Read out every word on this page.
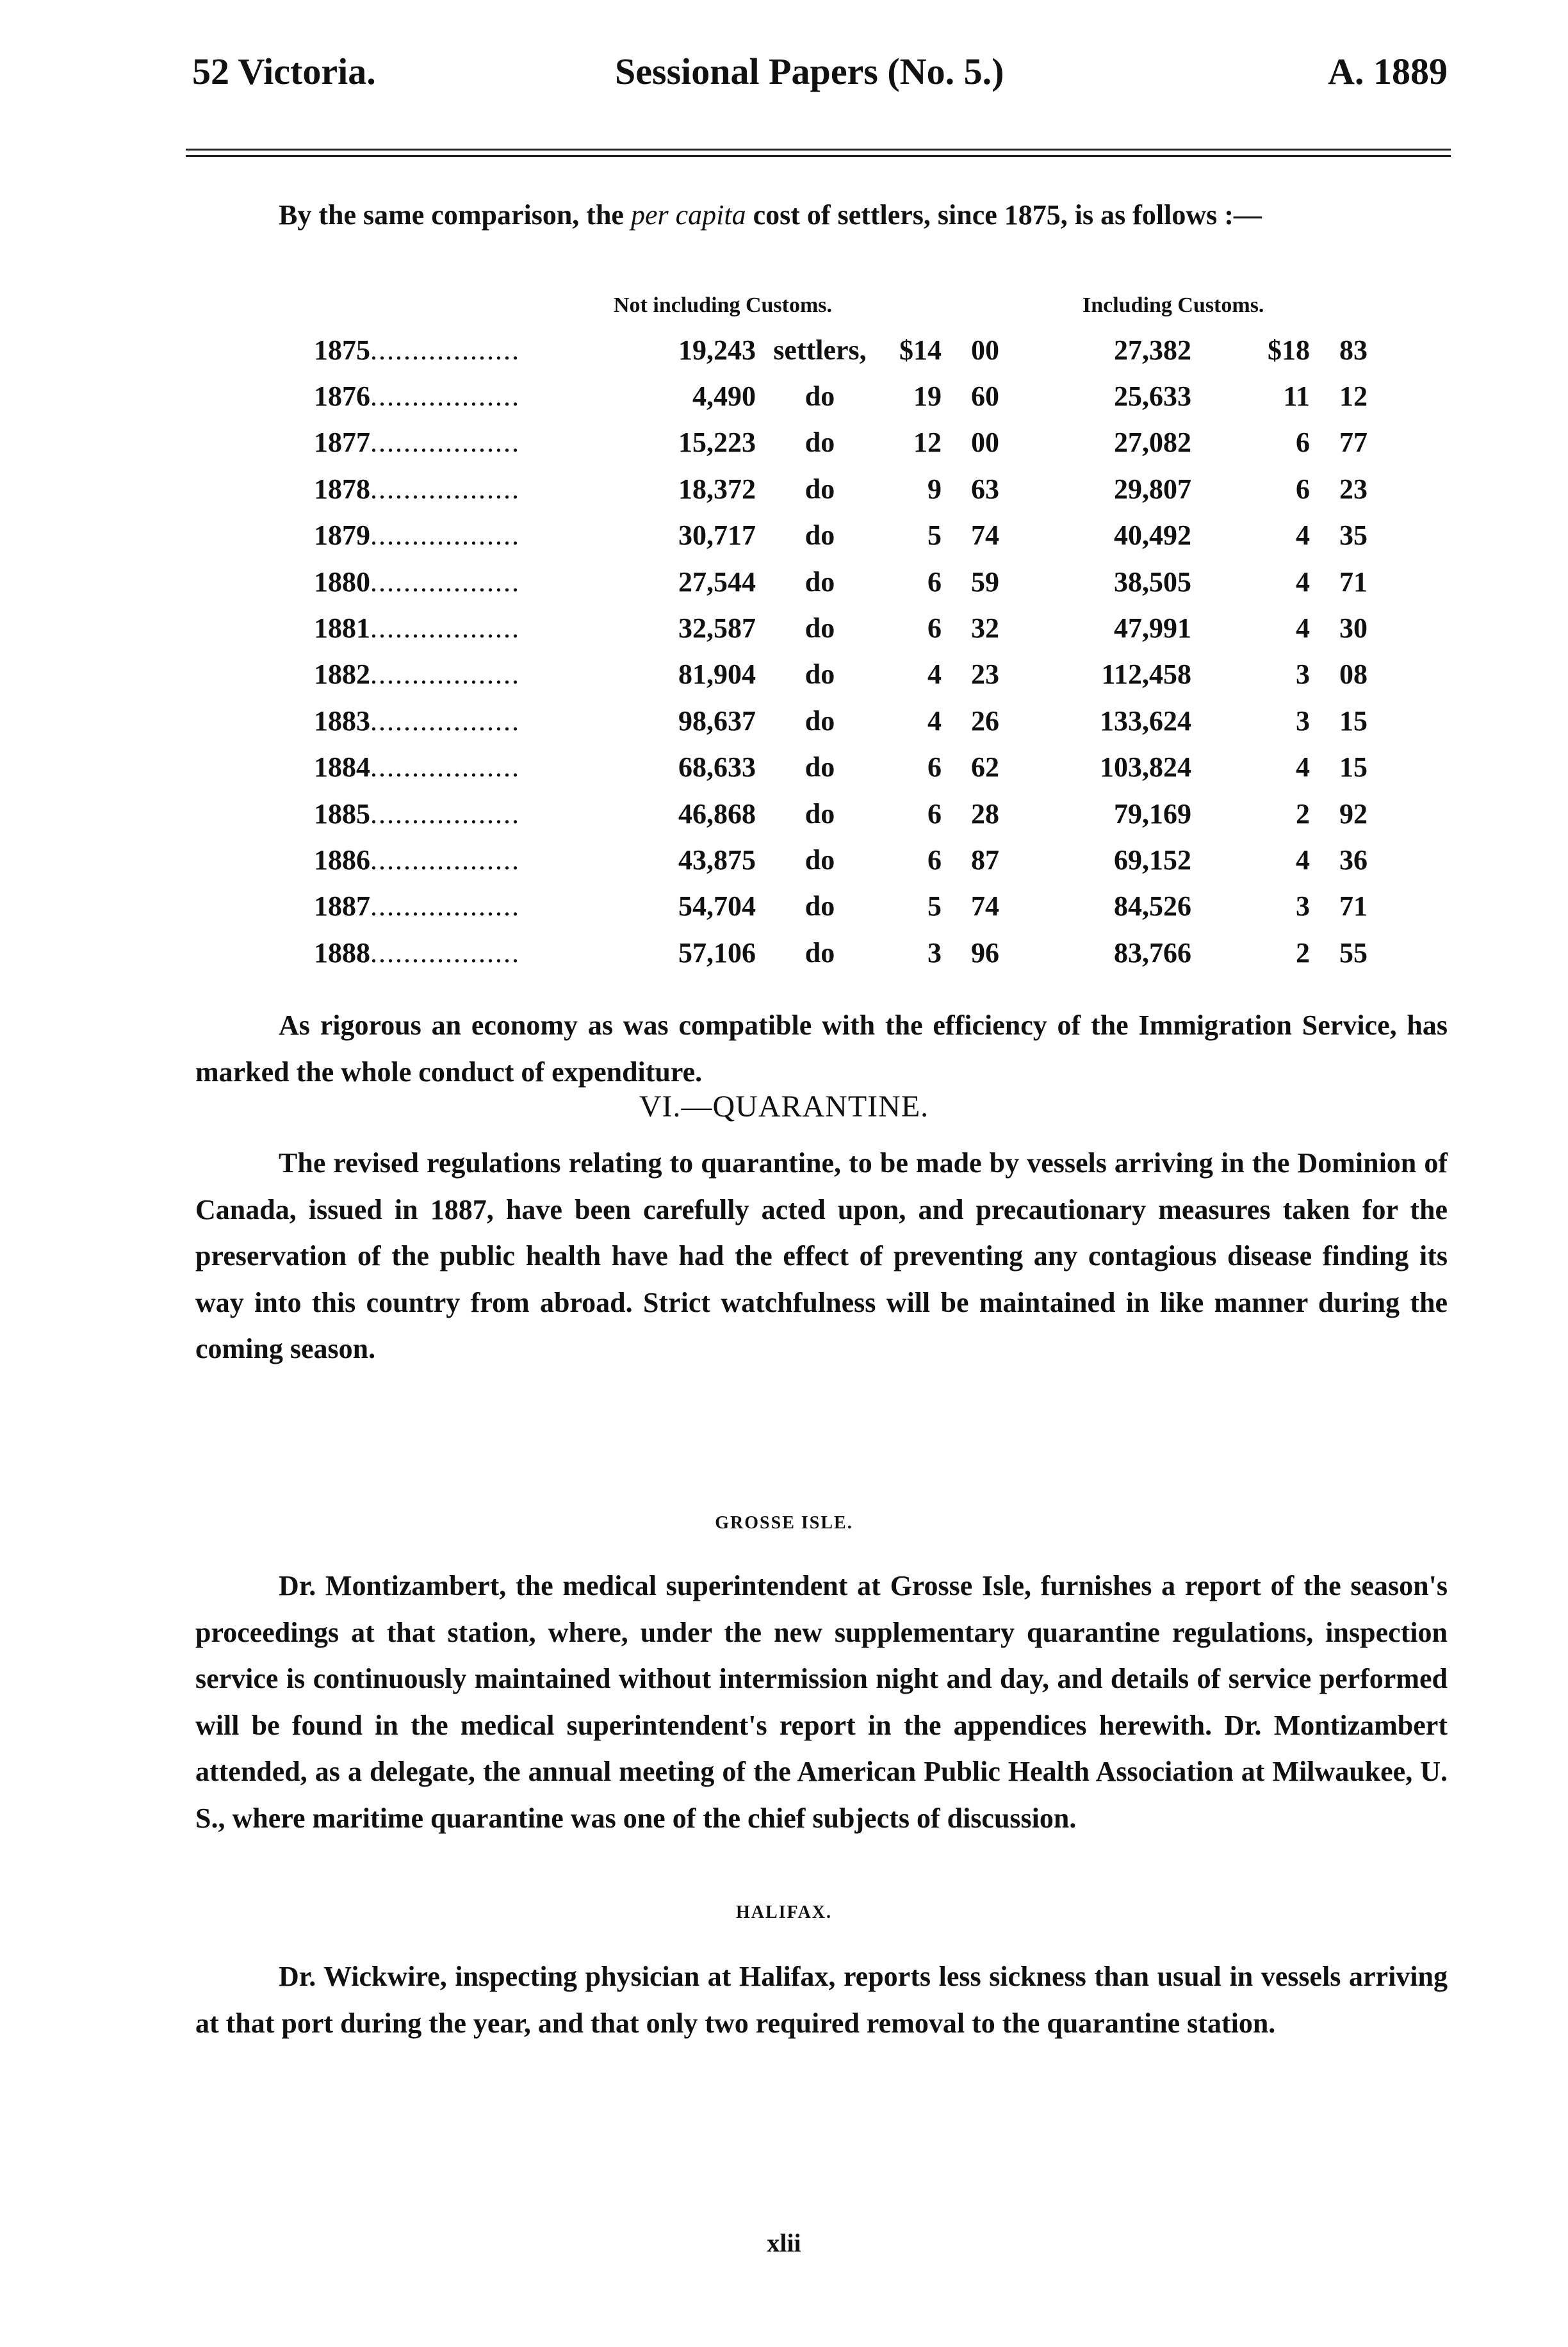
52 Victoria.	Sessional Papers (No. 5.)	A. 1889
By the same comparison, the per capita cost of settlers, since 1875, is as follows :—
Not including Customs.	Including Customs.
1875..................	19,243	settlers,	$14	00	27,382	$18	83
1876..................	4,490	do	19	60	25,633	11	12
1877..................	15,223	do	12	00	27,082	6	77
1878..................	18,372	do	9	63	29,807	6	23
1879..................	30,717	do	5	74	40,492	4	35
1880..................	27,544	do	6	59	38,505	4	71
1881..................	32,587	do	6	32	47,991	4	30
1882..................	81,904	do	4	23	112,458	3	08
1883..................	98,637	do	4	26	133,624	3	15
1884..................	68,633	do	6	62	103,824	4	15
1885..................	46,868	do	6	28	79,169	2	92
1886..................	43,875	do	6	87	69,152	4	36
1887..................	54,704	do	5	74	84,526	3	71
1888..................	57,106	do	3	96	83,766	2	55
As rigorous an economy as was compatible with the efficiency of the Immigration Service, has marked the whole conduct of expenditure.
VI.—QUARANTINE.
The revised regulations relating to quarantine, to be made by vessels arriving in the Dominion of Canada, issued in 1887, have been carefully acted upon, and precautionary measures taken for the preservation of the public health have had the effect of preventing any contagious disease finding its way into this country from abroad. Strict watchfulness will be maintained in like manner during the coming season.
GROSSE ISLE.
Dr. Montizambert, the medical superintendent at Grosse Isle, furnishes a report of the season's proceedings at that station, where, under the new supplementary quarantine regulations, inspection service is continuously maintained without intermission night and day, and details of service performed will be found in the medical superintendent's report in the appendices herewith. Dr. Montizambert attended, as a delegate, the annual meeting of the American Public Health Association at Milwaukee, U. S., where maritime quarantine was one of the chief subjects of discussion.
HALIFAX.
Dr. Wickwire, inspecting physician at Halifax, reports less sickness than usual in vessels arriving at that port during the year, and that only two required removal to the quarantine station.
xlii
